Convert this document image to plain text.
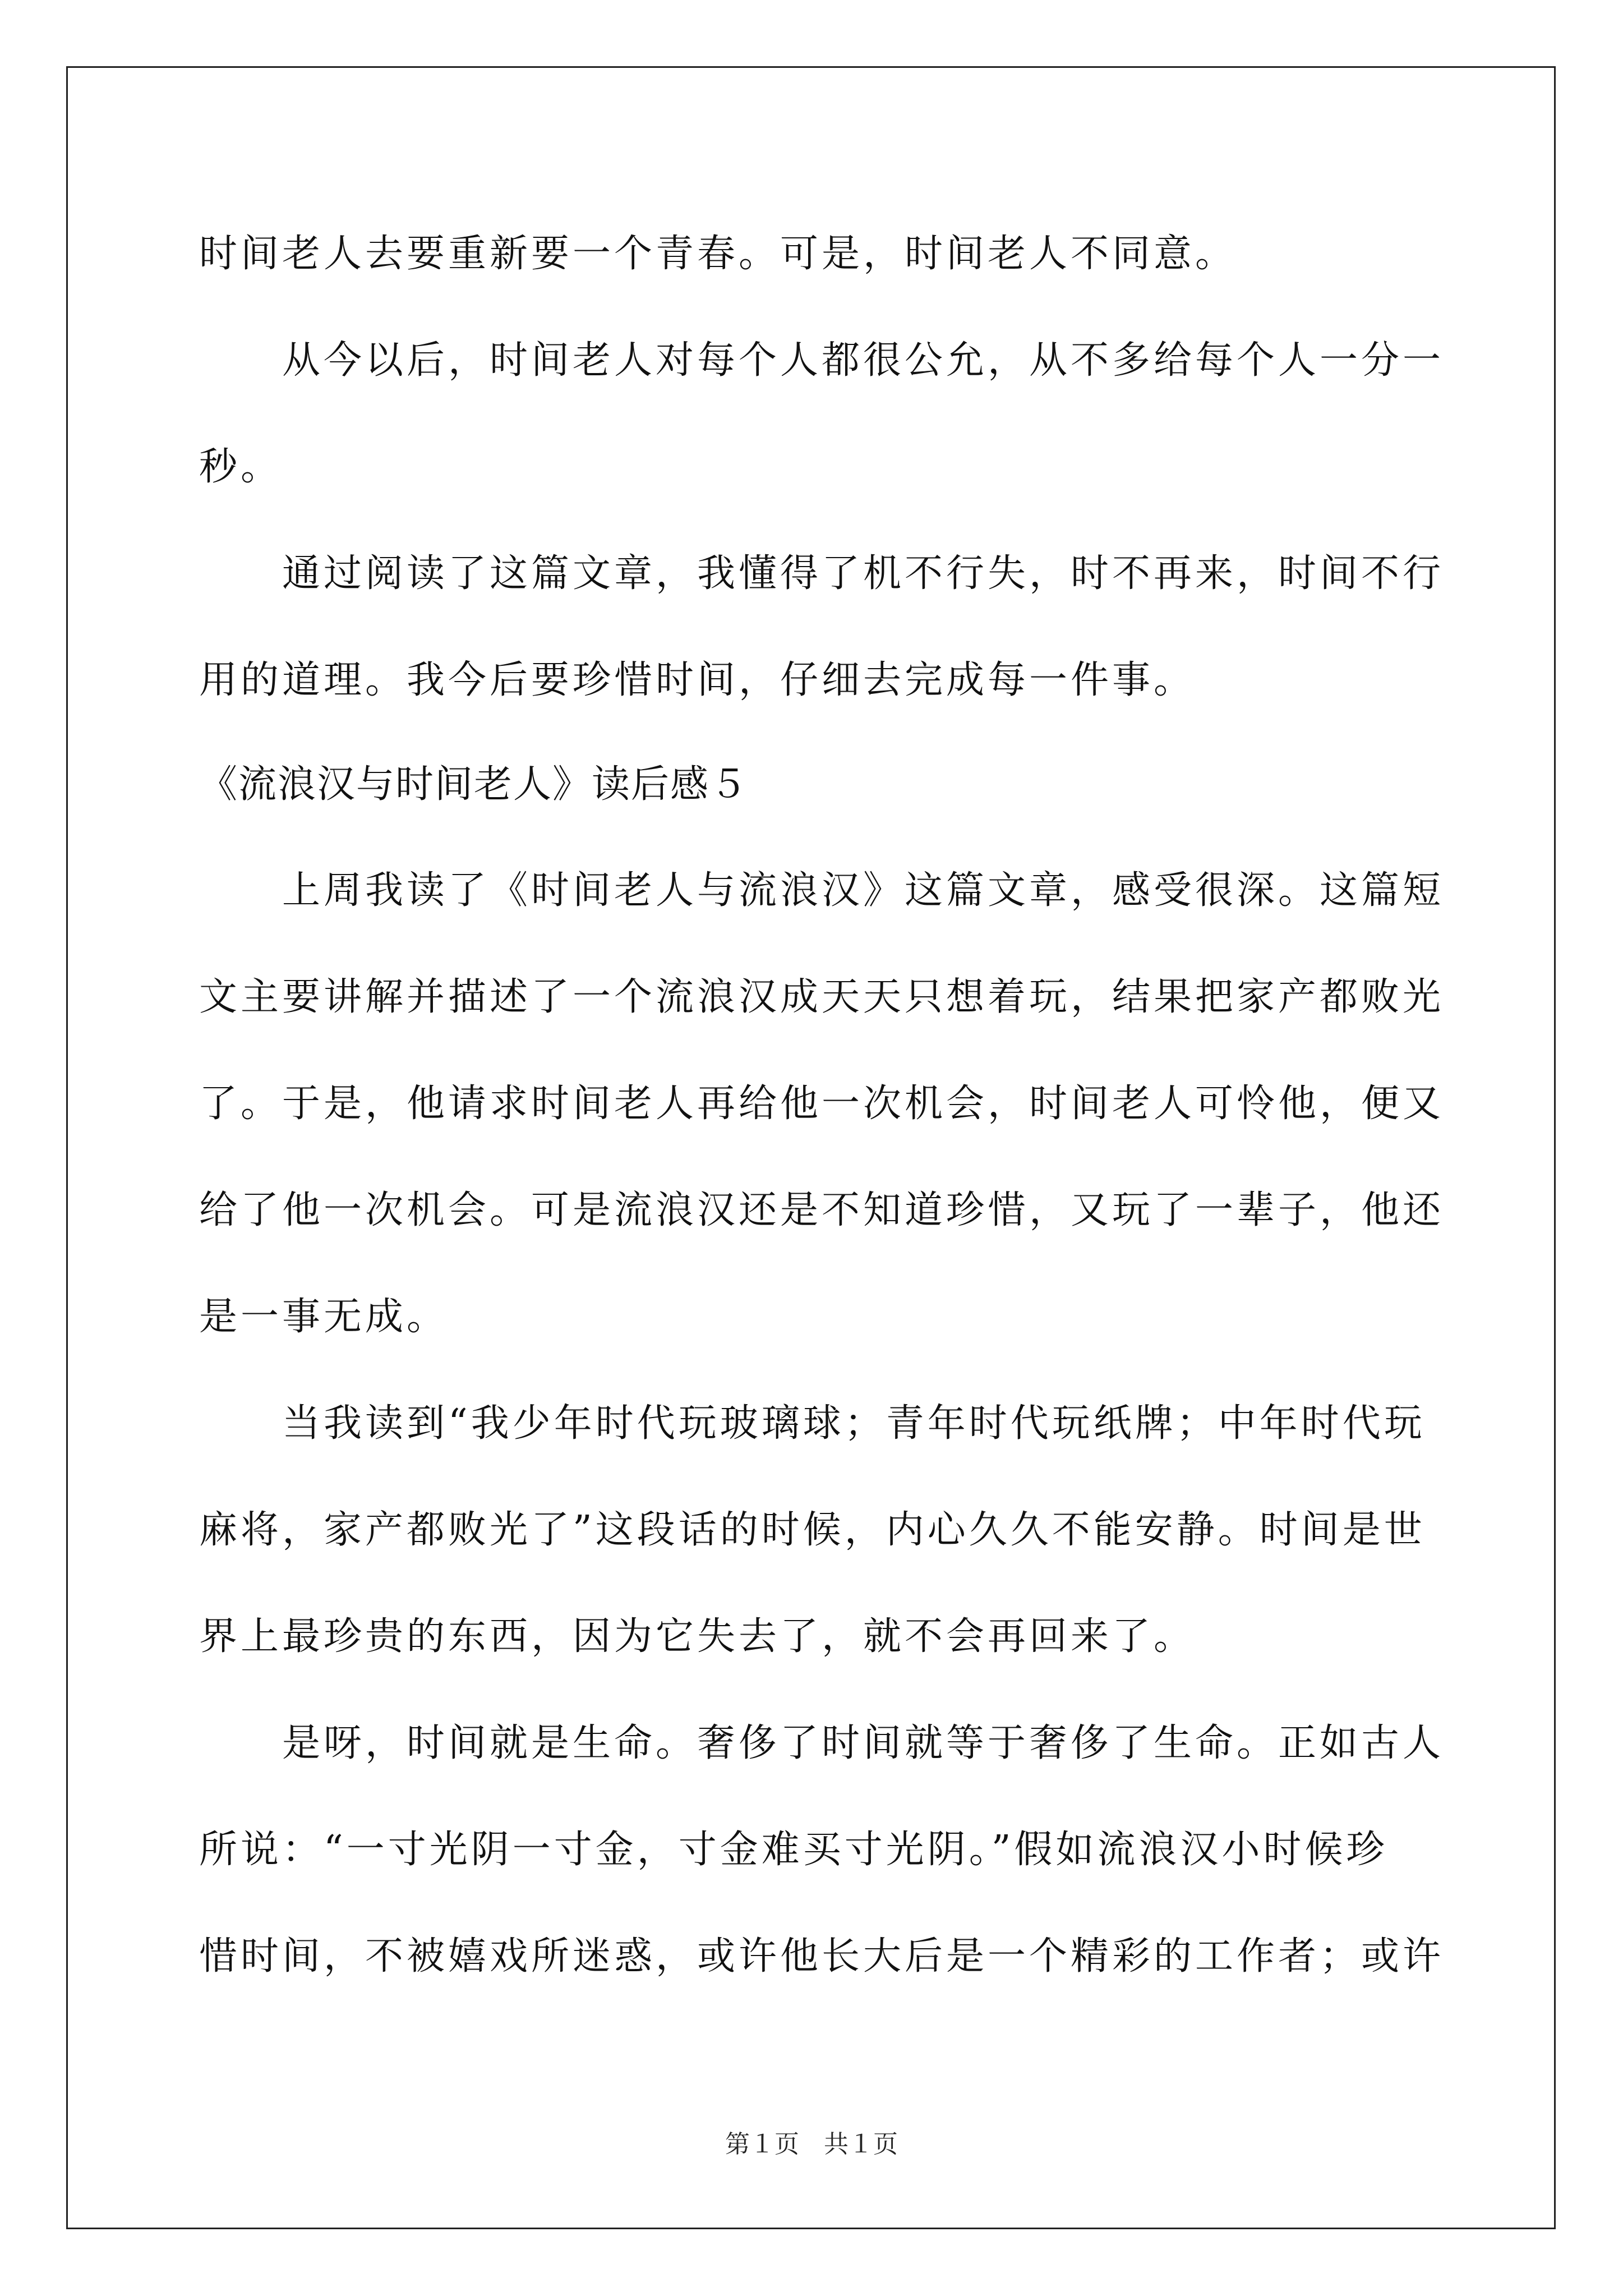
时间老人去要重新要一个青春。可是，时间老人不同意。
从今以后，时间老人对每个人都很公允，从不多给每个人一分一
秒。
通过阅读了这篇文章，我懂得了机不行失，时不再来，时间不行
用的道理。我今后要珍惜时间，仔细去完成每一件事。
《流浪汉与时间老人》读后感５
上周我读了《时间老人与流浪汉》这篇文章，感受很深。这篇短
文主要讲解并描述了一个流浪汉成天天只想着玩，结果把家产都败光
了。于是，他请求时间老人再给他一次机会，时间老人可怜他，便又
给了他一次机会。可是流浪汉还是不知道珍惜，又玩了一辈子，他还
是一事无成。
当我读到“我少年时代玩玻璃球；青年时代玩纸牌；中年时代玩
麻将，家产都败光了”这段话的时候，内心久久不能安静。时间是世
界上最珍贵的东西，因为它失去了，就不会再回来了。
是呀，时间就是生命。奢侈了时间就等于奢侈了生命。正如古人
所说：“一寸光阴一寸金，寸金难买寸光阴。”假如流浪汉小时候珍
惜时间，不被嬉戏所迷惑，或许他长大后是一个精彩的工作者；或许
第１页　共１页
